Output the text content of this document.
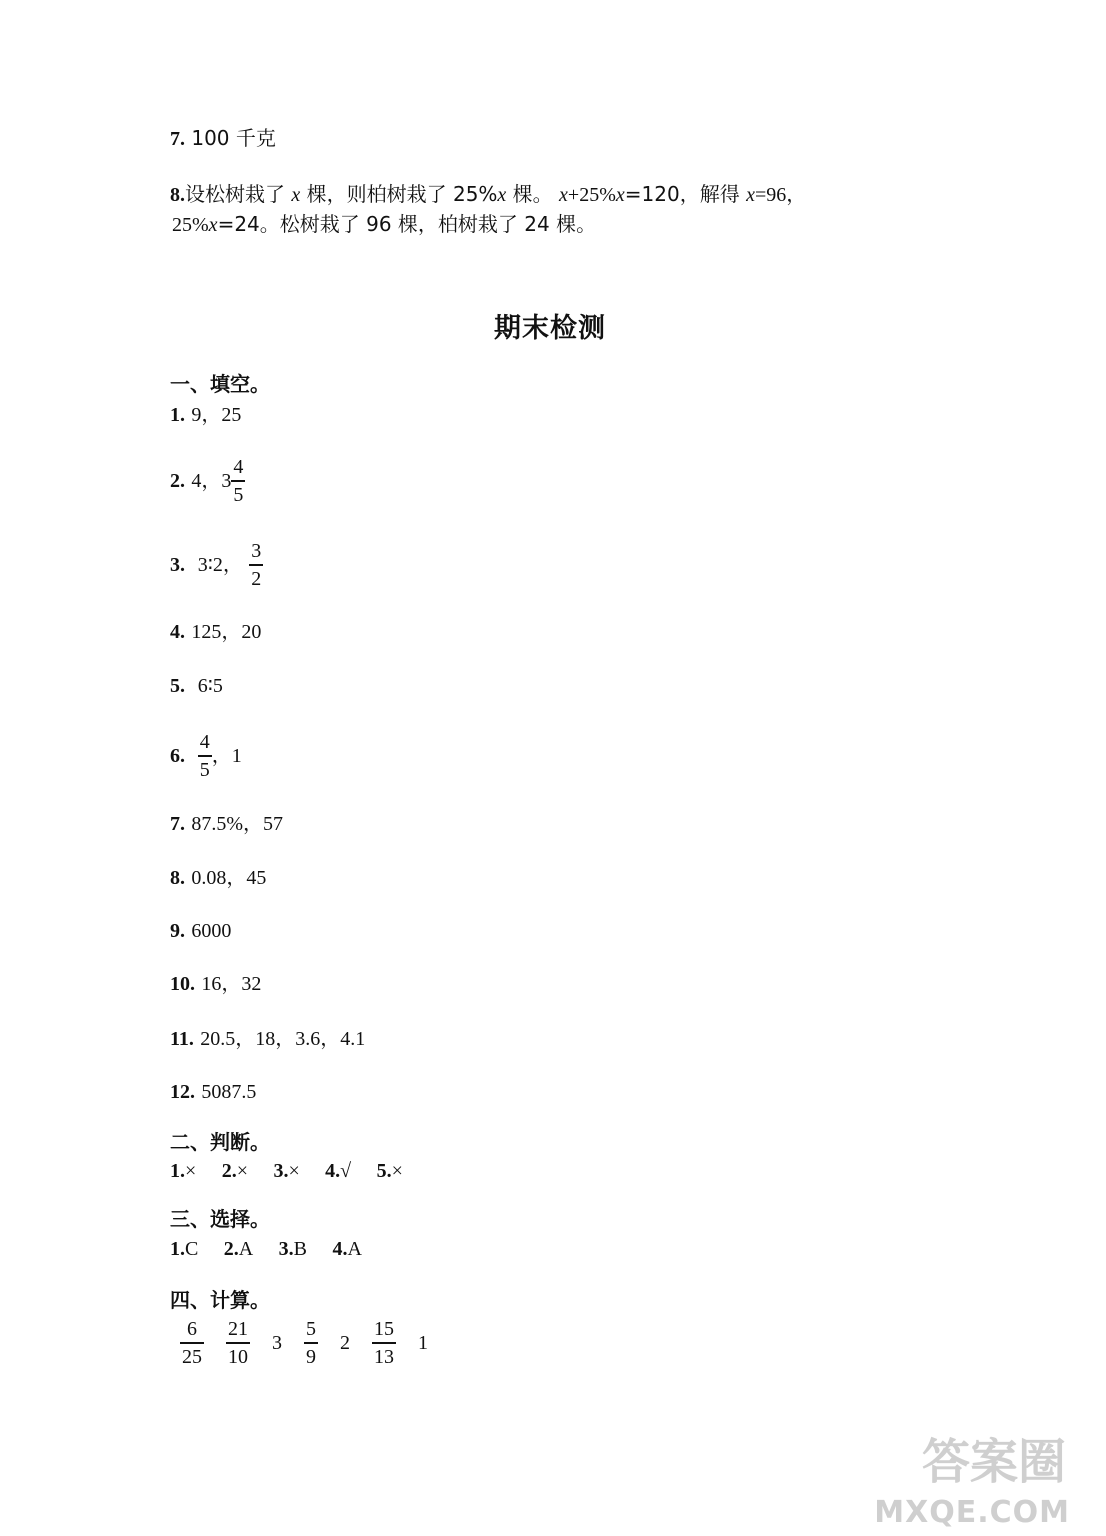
7. 100 千克
8.设松树栽了 x 棵，则柏树栽了 25%x 棵。 x+25%x=120，解得 x=96，
25%x=24。松树栽了 96 棵，柏树栽了 24 棵。
期末检测
一、填空。
1. 9，25
2.
4，$3 \frac{4}{5}$
3.
3∶2，
$\frac{3}{2}$
4. 125，20
5. 6∶5
6.
$\frac{4}{5}$ ，1
7. 87.5%，57
8. 0.08，45
9. 6000
10. 16，32
11. 20.5，18，3.6，4.1
12. 5087.5
二、判断。
1.× 2.× 3.× 4.√ 5.×
三、选择。
1.C 2.A 3.B 4.A
四、计算。
$\frac{6}{25} \frac{21}{10} 3 \frac{5}{9} 2 \frac{15}{13} 1$
答案圈
MXQE.COM
